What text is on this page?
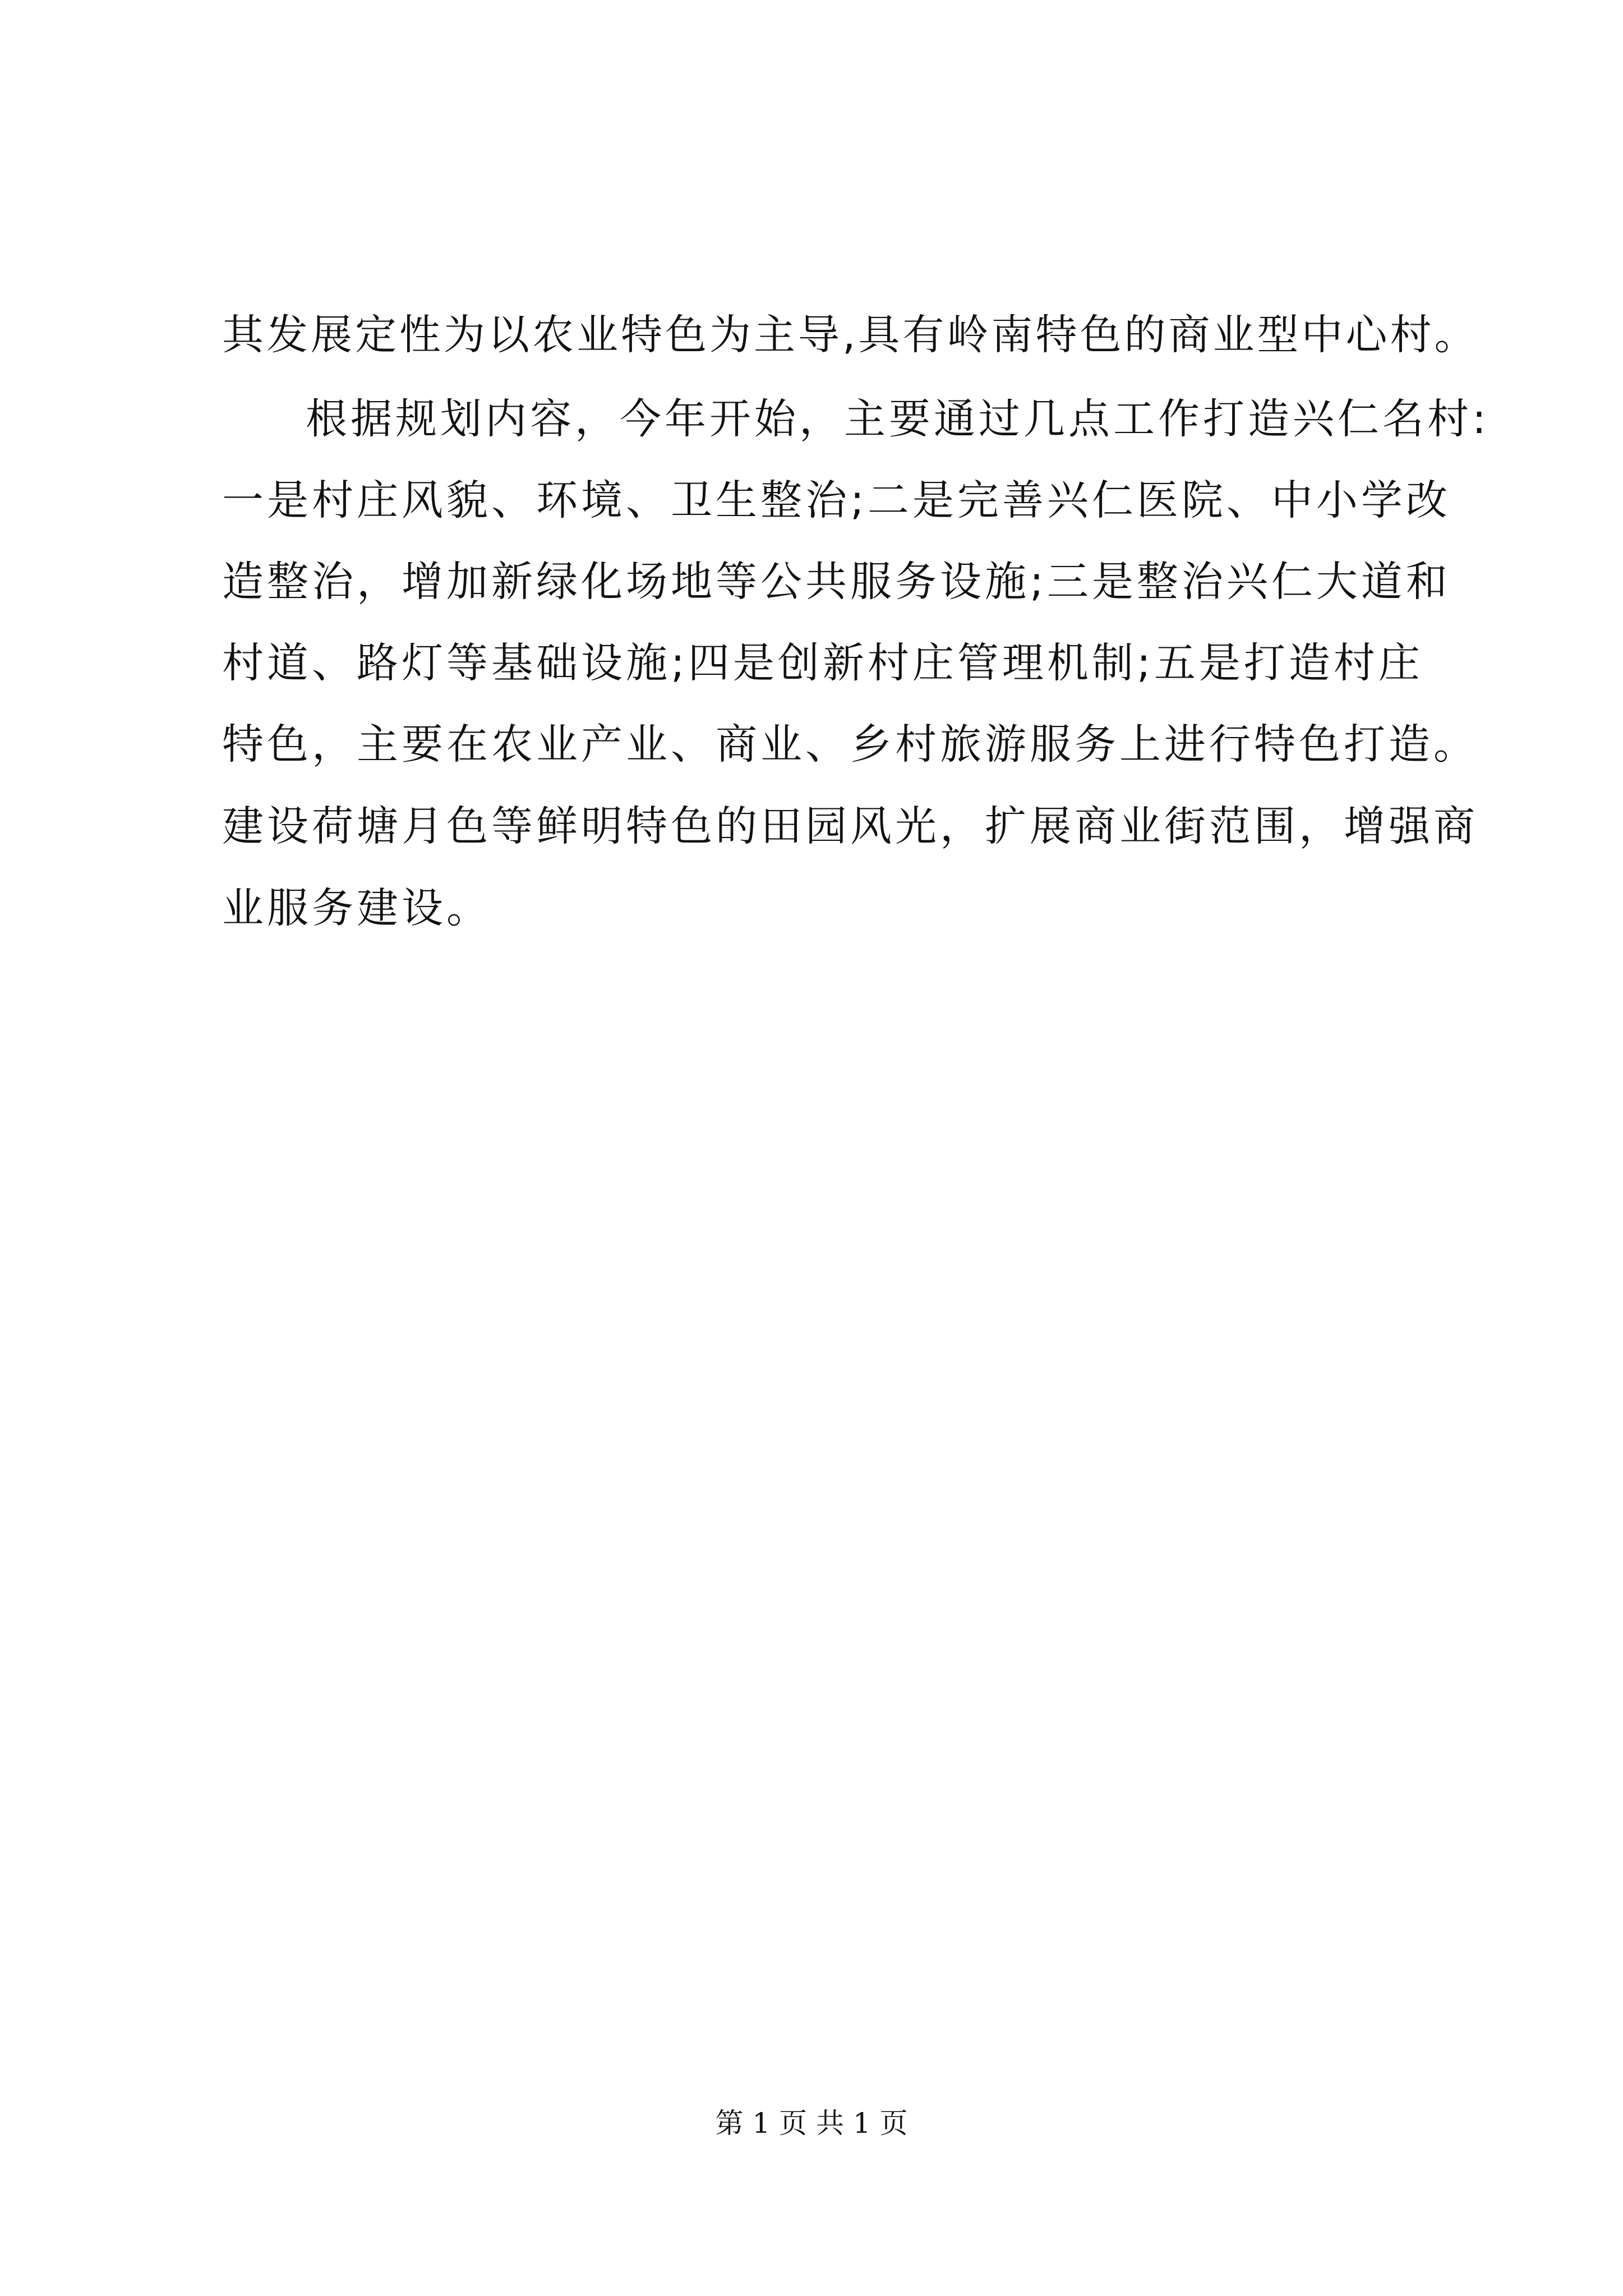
其发展定性为以农业特色为主导,具有岭南特色的商业型中心村。
根据规划内容，今年开始，主要通过几点工作打造兴仁名村:
一是村庄风貌、环境、卫生整治;二是完善兴仁医院、中小学改
造整治，增加新绿化场地等公共服务设施;三是整治兴仁大道和
村道、路灯等基础设施;四是创新村庄管理机制;五是打造村庄
特色，主要在农业产业、商业、乡村旅游服务上进行特色打造。
建设荷塘月色等鲜明特色的田园风光，扩展商业街范围，增强商
业服务建设。
第 1 页 共 1 页
